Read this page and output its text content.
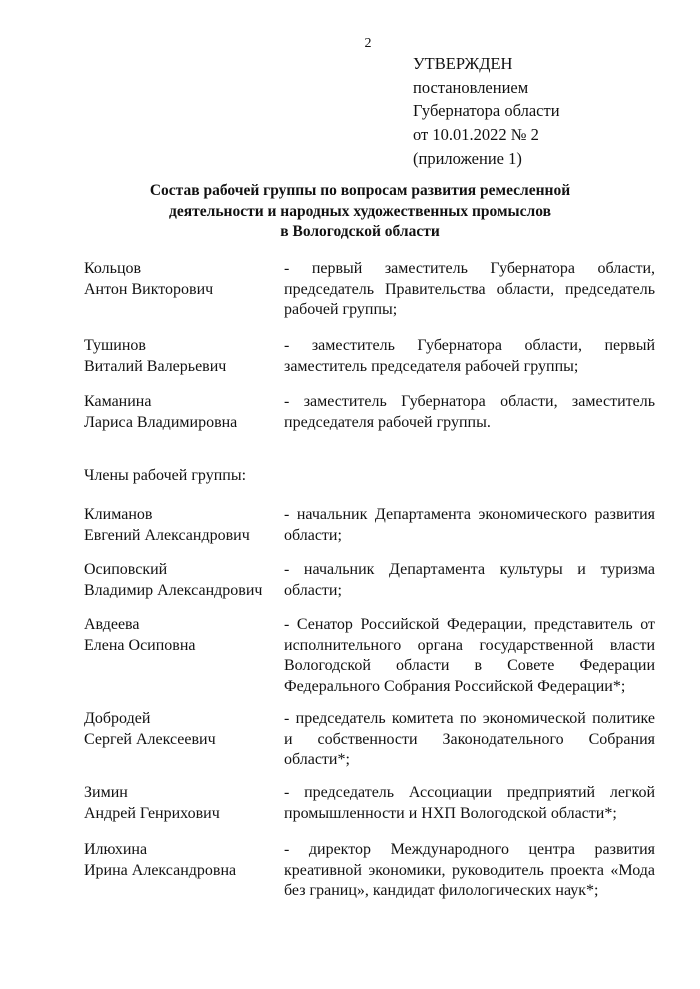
2
УТВЕРЖДЕН
постановлением
Губернатора области
от 10.01.2022 № 2
(приложение 1)
Состав рабочей группы по вопросам развития ремесленной
деятельности и народных художественных промыслов
в Вологодской области
Кольцов
Антон Викторович
- первый заместитель Губернатора области, председатель Правительства области, председатель рабочей группы;
Тушинов
Виталий Валерьевич
- заместитель Губернатора области, первый заместитель председателя рабочей группы;
Каманина
Лариса Владимировна
- заместитель Губернатора области, заместитель председателя рабочей группы.
Члены рабочей группы:
Климанов
Евгений Александрович
- начальник Департамента экономического развития области;
Осиповский
Владимир Александрович
- начальник Департамента культуры и туризма области;
Авдеева
Елена Осиповна
- Сенатор Российской Федерации, представитель от исполнительного органа государственной власти Вологодской области в Совете Федерации Федерального Собрания Российской Федерации*;
Добродей
Сергей Алексеевич
- председатель комитета по экономической политике и собственности Законодательного Собрания области*;
Зимин
Андрей Генрихович
- председатель Ассоциации предприятий легкой промышленности и НХП Вологодской области*;
Илюхина
Ирина Александровна
- директор Международного центра развития креативной экономики, руководитель проекта «Мода без границ», кандидат филологических наук*;
